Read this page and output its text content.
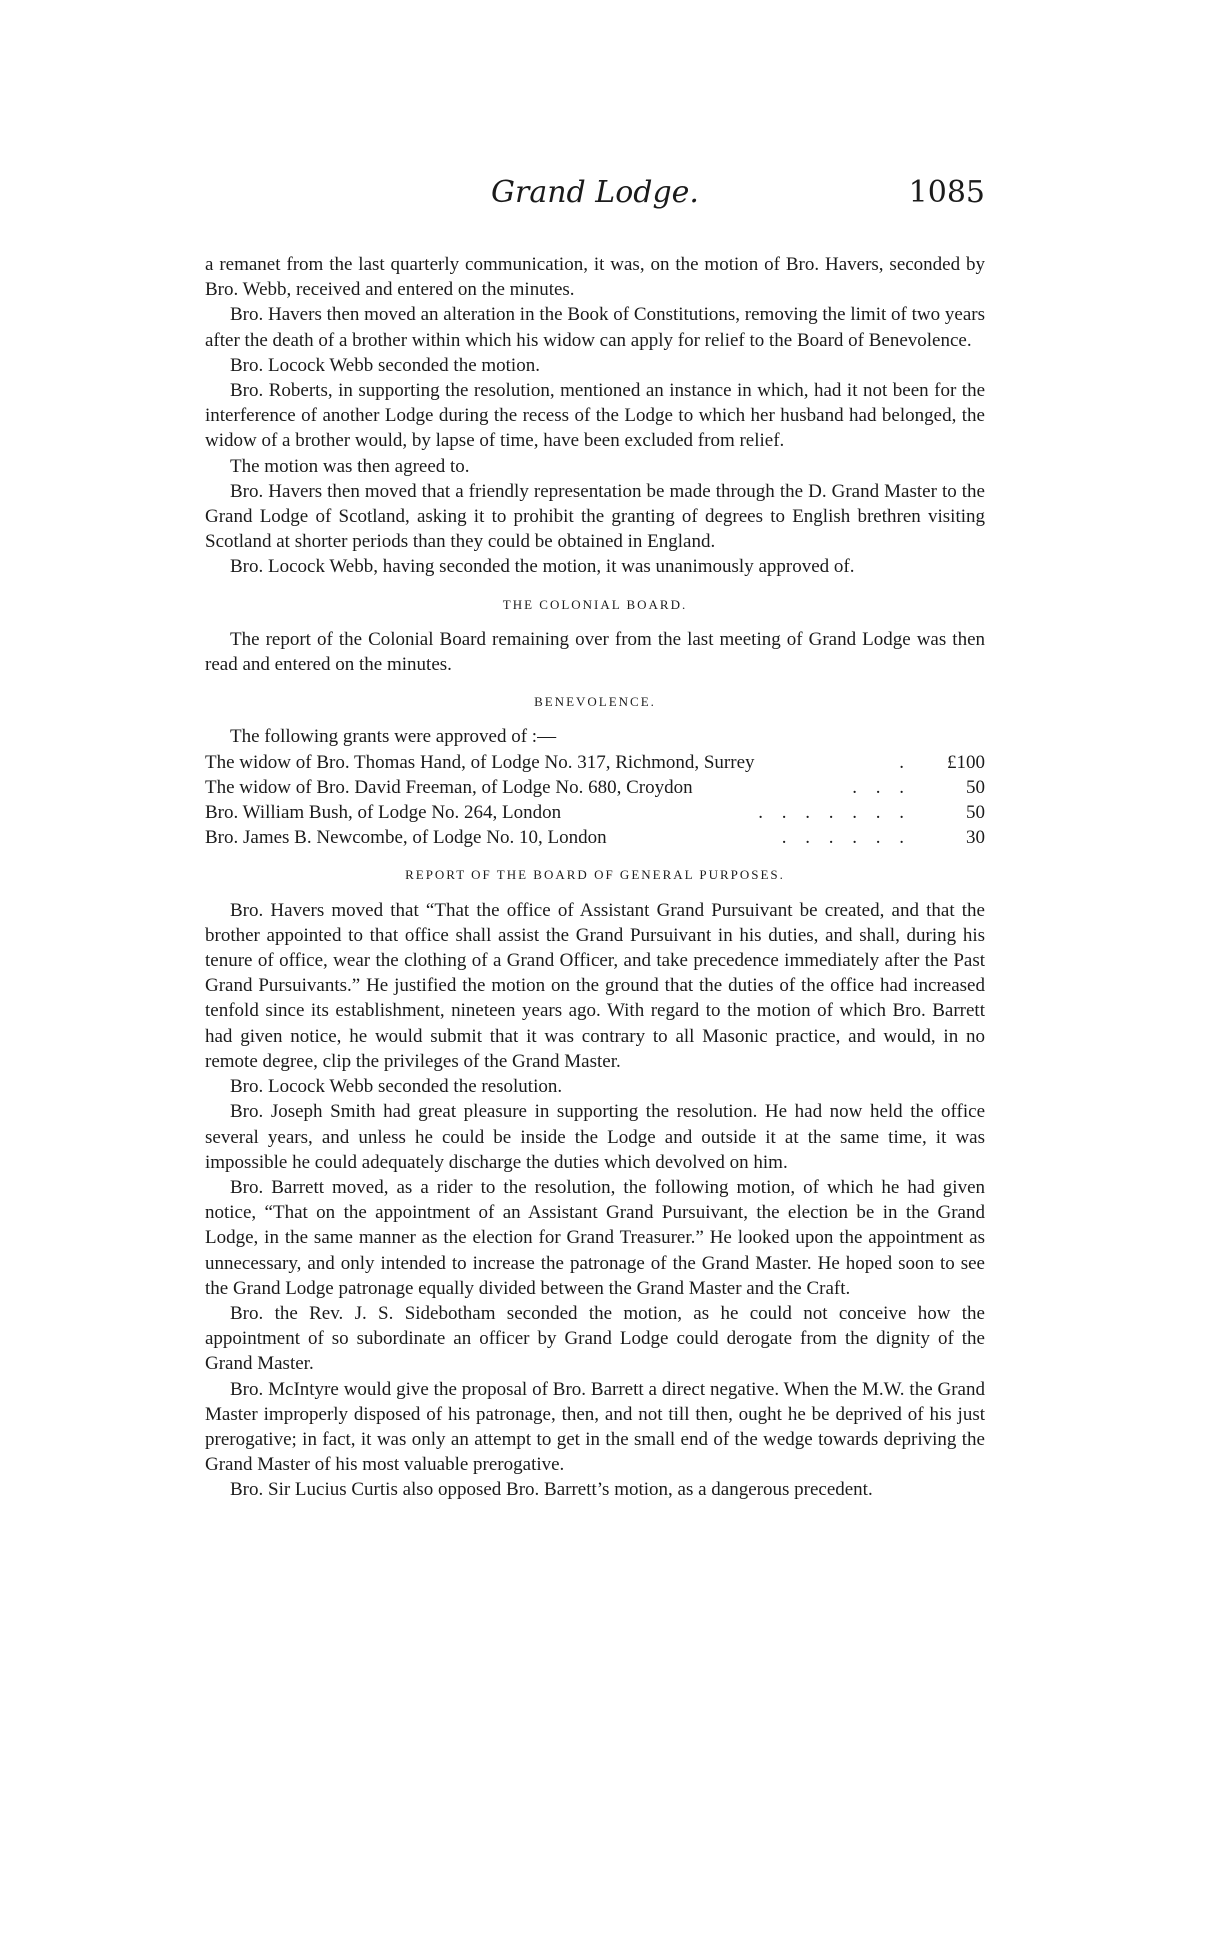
Grand Lodge.	1085

a remanet from the last quarterly communication, it was, on the motion of Bro. Havers, seconded by Bro. Webb, received and entered on the minutes.

Bro. Havers then moved an alteration in the Book of Constitutions, removing the limit of two years after the death of a brother within which his widow can apply for relief to the Board of Benevolence.

Bro. Locock Webb seconded the motion.

Bro. Roberts, in supporting the resolution, mentioned an instance in which, had it not been for the interference of another Lodge during the recess of the Lodge to which her husband had belonged, the widow of a brother would, by lapse of time, have been excluded from relief.

The motion was then agreed to.

Bro. Havers then moved that a friendly representation be made through the D. Grand Master to the Grand Lodge of Scotland, asking it to prohibit the granting of degrees to English brethren visiting Scotland at shorter periods than they could be obtained in England.

Bro. Locock Webb, having seconded the motion, it was unanimously approved of.

THE COLONIAL BOARD.

The report of the Colonial Board remaining over from the last meeting of Grand Lodge was then read and entered on the minutes.

BENEVOLENCE.

The following grants were approved of :—

The widow of Bro. Thomas Hand, of Lodge No. 317, Richmond, Surrey	.	£100
The widow of Bro. David Freeman, of Lodge No. 680, Croydon	. . .	50
Bro. William Bush, of Lodge No. 264, London	. . . . . . .	50
Bro. James B. Newcombe, of Lodge No. 10, London	. . . . . .	30
REPORT OF THE BOARD OF GENERAL PURPOSES.

Bro. Havers moved that “That the office of Assistant Grand Pursuivant be created, and that the brother appointed to that office shall assist the Grand Pursuivant in his duties, and shall, during his tenure of office, wear the clothing of a Grand Officer, and take precedence immediately after the Past Grand Pursuivants.” He justified the motion on the ground that the duties of the office had increased tenfold since its establishment, nineteen years ago. With regard to the motion of which Bro. Barrett had given notice, he would submit that it was contrary to all Masonic practice, and would, in no remote degree, clip the privileges of the Grand Master.

Bro. Locock Webb seconded the resolution.

Bro. Joseph Smith had great pleasure in supporting the resolution. He had now held the office several years, and unless he could be inside the Lodge and outside it at the same time, it was impossible he could adequately discharge the duties which devolved on him.

Bro. Barrett moved, as a rider to the resolution, the following motion, of which he had given notice, “That on the appointment of an Assistant Grand Pursuivant, the election be in the Grand Lodge, in the same manner as the election for Grand Treasurer.” He looked upon the appointment as unnecessary, and only intended to increase the patronage of the Grand Master. He hoped soon to see the Grand Lodge patronage equally divided between the Grand Master and the Craft.

Bro. the Rev. J. S. Sidebotham seconded the motion, as he could not conceive how the appointment of so subordinate an officer by Grand Lodge could derogate from the dignity of the Grand Master.

Bro. McIntyre would give the proposal of Bro. Barrett a direct negative. When the M.W. the Grand Master improperly disposed of his patronage, then, and not till then, ought he be deprived of his just prerogative; in fact, it was only an attempt to get in the small end of the wedge towards depriving the Grand Master of his most valuable prerogative.

Bro. Sir Lucius Curtis also opposed Bro. Barrett’s motion, as a dangerous precedent.
